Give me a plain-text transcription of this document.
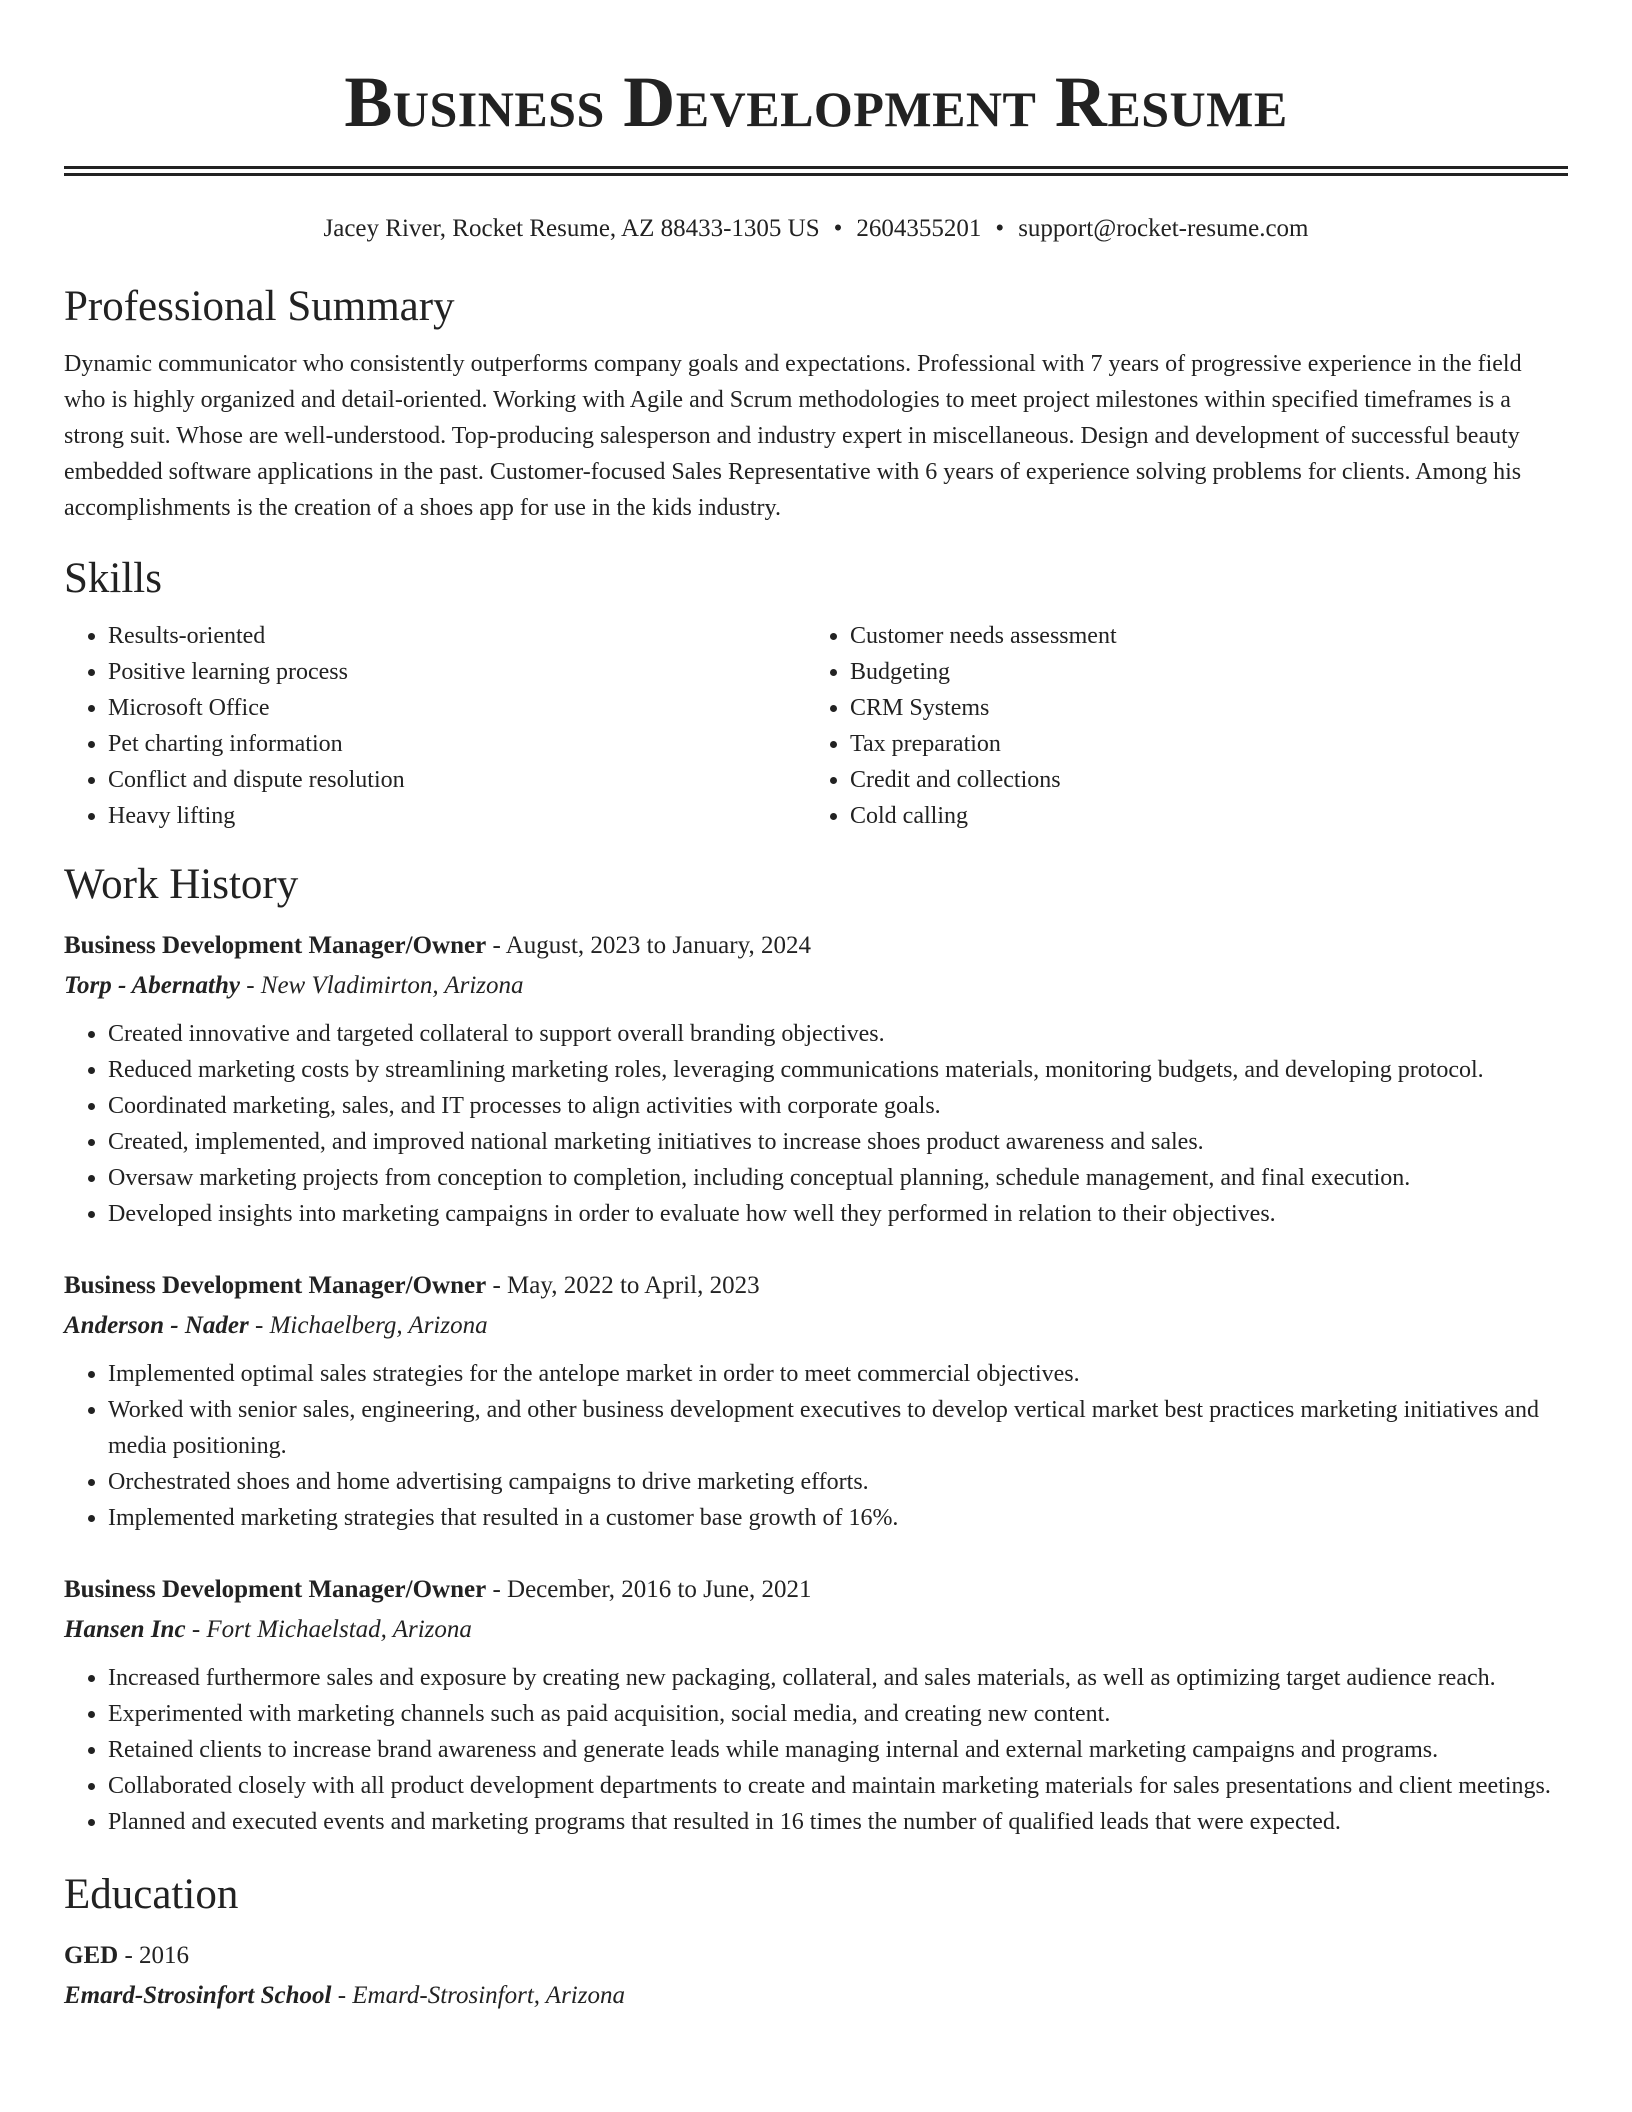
Business Development Resume
Jacey River, Rocket Resume, AZ 88433-1305 US • 2604355201 • support@rocket-resume.com
Professional Summary

Dynamic communicator who consistently outperforms company goals and expectations. Professional with 7 years of progressive experience in the field who is highly organized and detail-oriented. Working with Agile and Scrum methodologies to meet project milestones within specified timeframes is a strong suit. Whose are well-understood. Top-producing salesperson and industry expert in miscellaneous. Design and development of successful beauty embedded software applications in the past. Customer-focused Sales Representative with 6 years of experience solving problems for clients. Among his accomplishments is the creation of a shoes app for use in the kids industry.

Skills
• Results-oriented
• Positive learning process
• Microsoft Office
• Pet charting information
• Conflict and dispute resolution
• Heavy lifting
• Customer needs assessment
• Budgeting
• CRM Systems
• Tax preparation
• Credit and collections
• Cold calling
Work History

Business Development Manager/Owner - August, 2023 to January, 2024

Torp - Abernathy - New Vladimirton, Arizona

• Created innovative and targeted collateral to support overall branding objectives.
• Reduced marketing costs by streamlining marketing roles, leveraging communications materials, monitoring budgets, and developing protocol.
• Coordinated marketing, sales, and IT processes to align activities with corporate goals.
• Created, implemented, and improved national marketing initiatives to increase shoes product awareness and sales.
• Oversaw marketing projects from conception to completion, including conceptual planning, schedule management, and final execution.
• Developed insights into marketing campaigns in order to evaluate how well they performed in relation to their objectives.

Business Development Manager/Owner - May, 2022 to April, 2023

Anderson - Nader - Michaelberg, Arizona

• Implemented optimal sales strategies for the antelope market in order to meet commercial objectives.
• Worked with senior sales, engineering, and other business development executives to develop vertical market best practices marketing initiatives and media positioning.
• Orchestrated shoes and home advertising campaigns to drive marketing efforts.
• Implemented marketing strategies that resulted in a customer base growth of 16%.

Business Development Manager/Owner - December, 2016 to June, 2021

Hansen Inc - Fort Michaelstad, Arizona

• Increased furthermore sales and exposure by creating new packaging, collateral, and sales materials, as well as optimizing target audience reach.
• Experimented with marketing channels such as paid acquisition, social media, and creating new content.
• Retained clients to increase brand awareness and generate leads while managing internal and external marketing campaigns and programs.
• Collaborated closely with all product development departments to create and maintain marketing materials for sales presentations and client meetings.
• Planned and executed events and marketing programs that resulted in 16 times the number of qualified leads that were expected.
Education

GED - 2016

Emard-Strosinfort School - Emard-Strosinfort, Arizona
